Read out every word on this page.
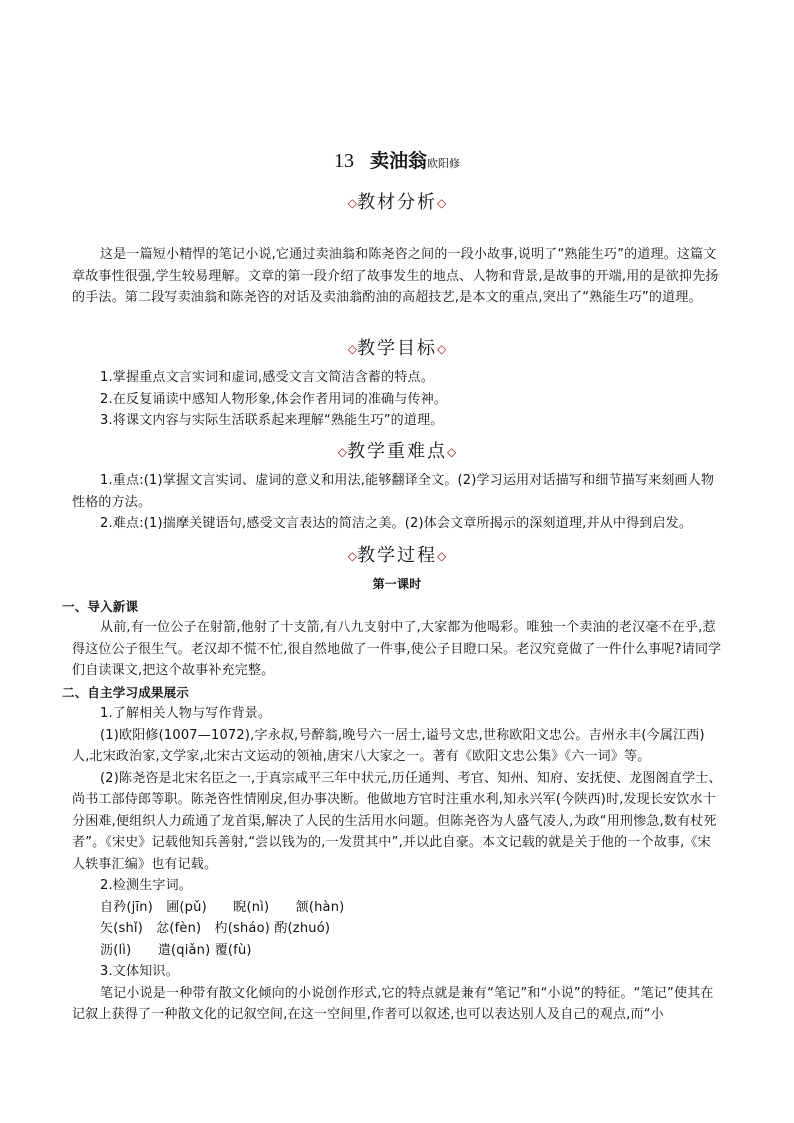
13 卖油翁欧阳修
◇教材分析◇

这是一篇短小精悍的笔记小说,它通过卖油翁和陈尧咨之间的一段小故事,说明了“熟能生巧”的道理。这篇文章故事性很强,学生较易理解。文章的第一段介绍了故事发生的地点、人物和背景,是故事的开端,用的是欲抑先扬的手法。第二段写卖油翁和陈尧咨的对话及卖油翁酌油的高超技艺,是本文的重点,突出了“熟能生巧”的道理。

◇教学目标◇

1.掌握重点文言实词和虚词,感受文言文简洁含蓄的特点。

2.在反复诵读中感知人物形象,体会作者用词的准确与传神。

3.将课文内容与实际生活联系起来理解“熟能生巧”的道理。

◇教学重难点◇

1.重点:(1)掌握文言实词、虚词的意义和用法,能够翻译全文。(2)学习运用对话描写和细节描写来刻画人物性格的方法。

2.难点:(1)揣摩关键语句,感受文言表达的简洁之美。(2)体会文章所揭示的深刻道理,并从中得到启发。

◇教学过程◇

第一课时

一、导入新课

从前,有一位公子在射箭,他射了十支箭,有八九支射中了,大家都为他喝彩。唯独一个卖油的老汉毫不在乎,惹得这位公子很生气。老汉却不慌不忙,很自然地做了一件事,使公子目瞪口呆。老汉究竟做了一件什么事呢?请同学们自读课文,把这个故事补充完整。

二、自主学习成果展示

1.了解相关人物与写作背景。

(1)欧阳修(1007—1072),字永叔,号醉翁,晚号六一居士,谥号文忠,世称欧阳文忠公。吉州永丰(今属江西)人,北宋政治家,文学家,北宋古文运动的领袖,唐宋八大家之一。著有《欧阳文忠公集》《六一词》等。

(2)陈尧咨是北宋名臣之一,于真宗咸平三年中状元,历任通判、考官、知州、知府、安抚使、龙图阁直学士、尚书工部侍郎等职。陈尧咨性情刚戾,但办事决断。他做地方官时注重水利,知永兴军(今陕西)时,发现长安饮水十分困难,便组织人力疏通了龙首渠,解决了人民的生活用水问题。但陈尧咨为人盛气凌人,为政“用刑惨急,数有杖死者”。《宋史》记载他知兵善射,“尝以钱为的,一发贯其中”,并以此自豪。本文记载的就是关于他的一个故事,《宋人轶事汇编》也有记载。

2.检测生字词。

自矜(jīn)　圃(pǔ)　　睨(nì)　　颔(hàn)

矢(shǐ)　忿(fèn)　杓(sháo) 酌(zhuó)

沥(lì)　　遣(qiǎn) 覆(fù)

3.文体知识。

笔记小说是一种带有散文化倾向的小说创作形式,它的特点就是兼有“笔记”和“小说”的特征。“笔记”使其在记叙上获得了一种散文化的记叙空间,在这一空间里,作者可以叙述,也可以表达别人及自己的观点,而“小
